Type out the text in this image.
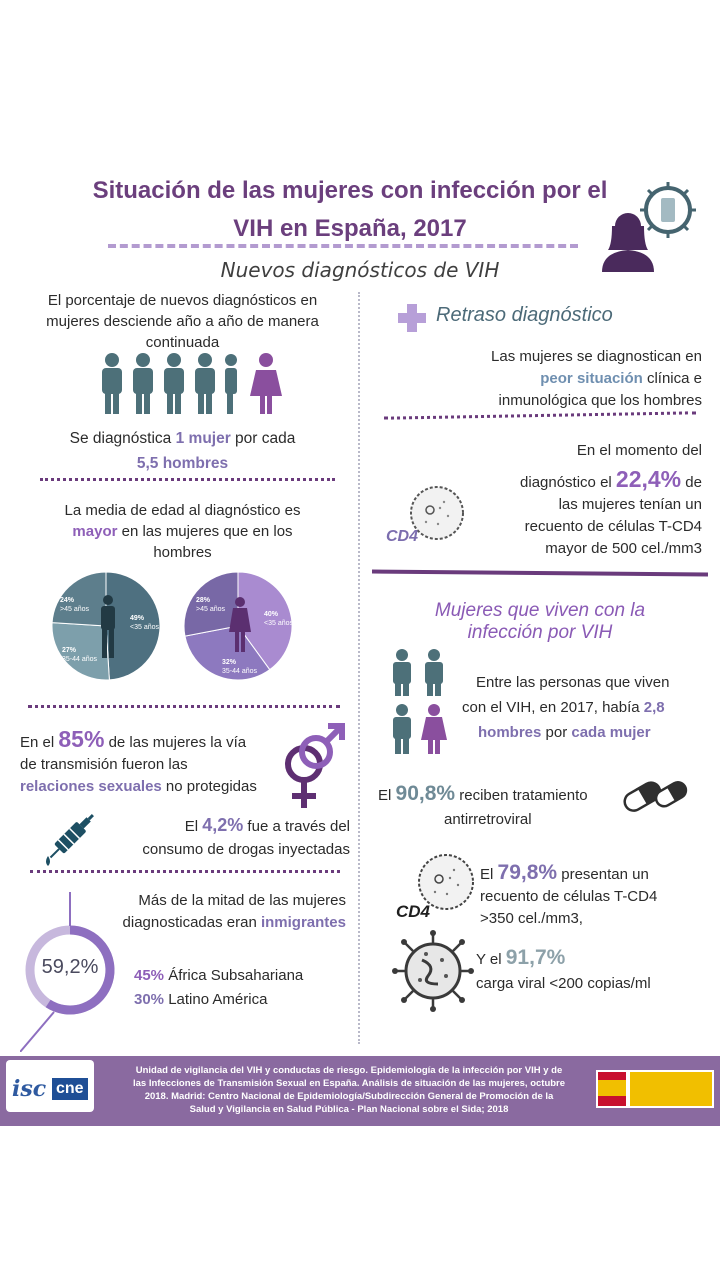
Situación de las mujeres con infección por el
VIH en España, 2017
Nuevos diagnósticos de VIH
El porcentaje de nuevos diagnósticos en
mujeres desciende año a año de manera
continuada
Se diagnóstica 1 mujer por cada
5,5 hombres
La media de edad al diagnóstico es
mayor en las mujeres que en los
hombres
24%
>45 años
49%
<35 años
27%
35-44 años
28%
>45 años
40%
<35 años
32%
35-44 años
En el 85% de las mujeres la vía
de transmisión fueron las
relaciones sexuales no protegidas
El 4,2% fue a través del
consumo de drogas inyectadas
Más de la mitad de las mujeres
diagnosticadas eran inmigrantes
59,2%	45% África Subsahariana
30% Latino América
Retraso diagnóstico
Las mujeres se diagnostican en
peor situación clínica e
inmunológica que los hombres
En el momento del
diagnóstico el 22,4% de
las mujeres tenían un
recuento de células T-CD4
mayor de 500 cel./mm3
CD4
Mujeres que viven con la
infección por VIH
Entre las personas que viven
con el VIH, en 2017, había 2,8
hombres por cada mujer
El 90,8% reciben tratamiento
antirretroviral
CD4
El 79,8% presentan un
recuento de células T-CD4
>350 cel./mm3,
Y el 91,7%
carga viral <200 copias/ml
isc cne
Unidad de vigilancia del VIH y conductas de riesgo. Epidemiología de la infección por VIH y de
las Infecciones de Transmisión Sexual en España. Análisis de situación de las mujeres, octubre
2018. Madrid: Centro Nacional de Epidemiología/Subdirección General de Promoción de la
Salud y Vigilancia en Salud Pública - Plan Nacional sobre el Sida; 2018
